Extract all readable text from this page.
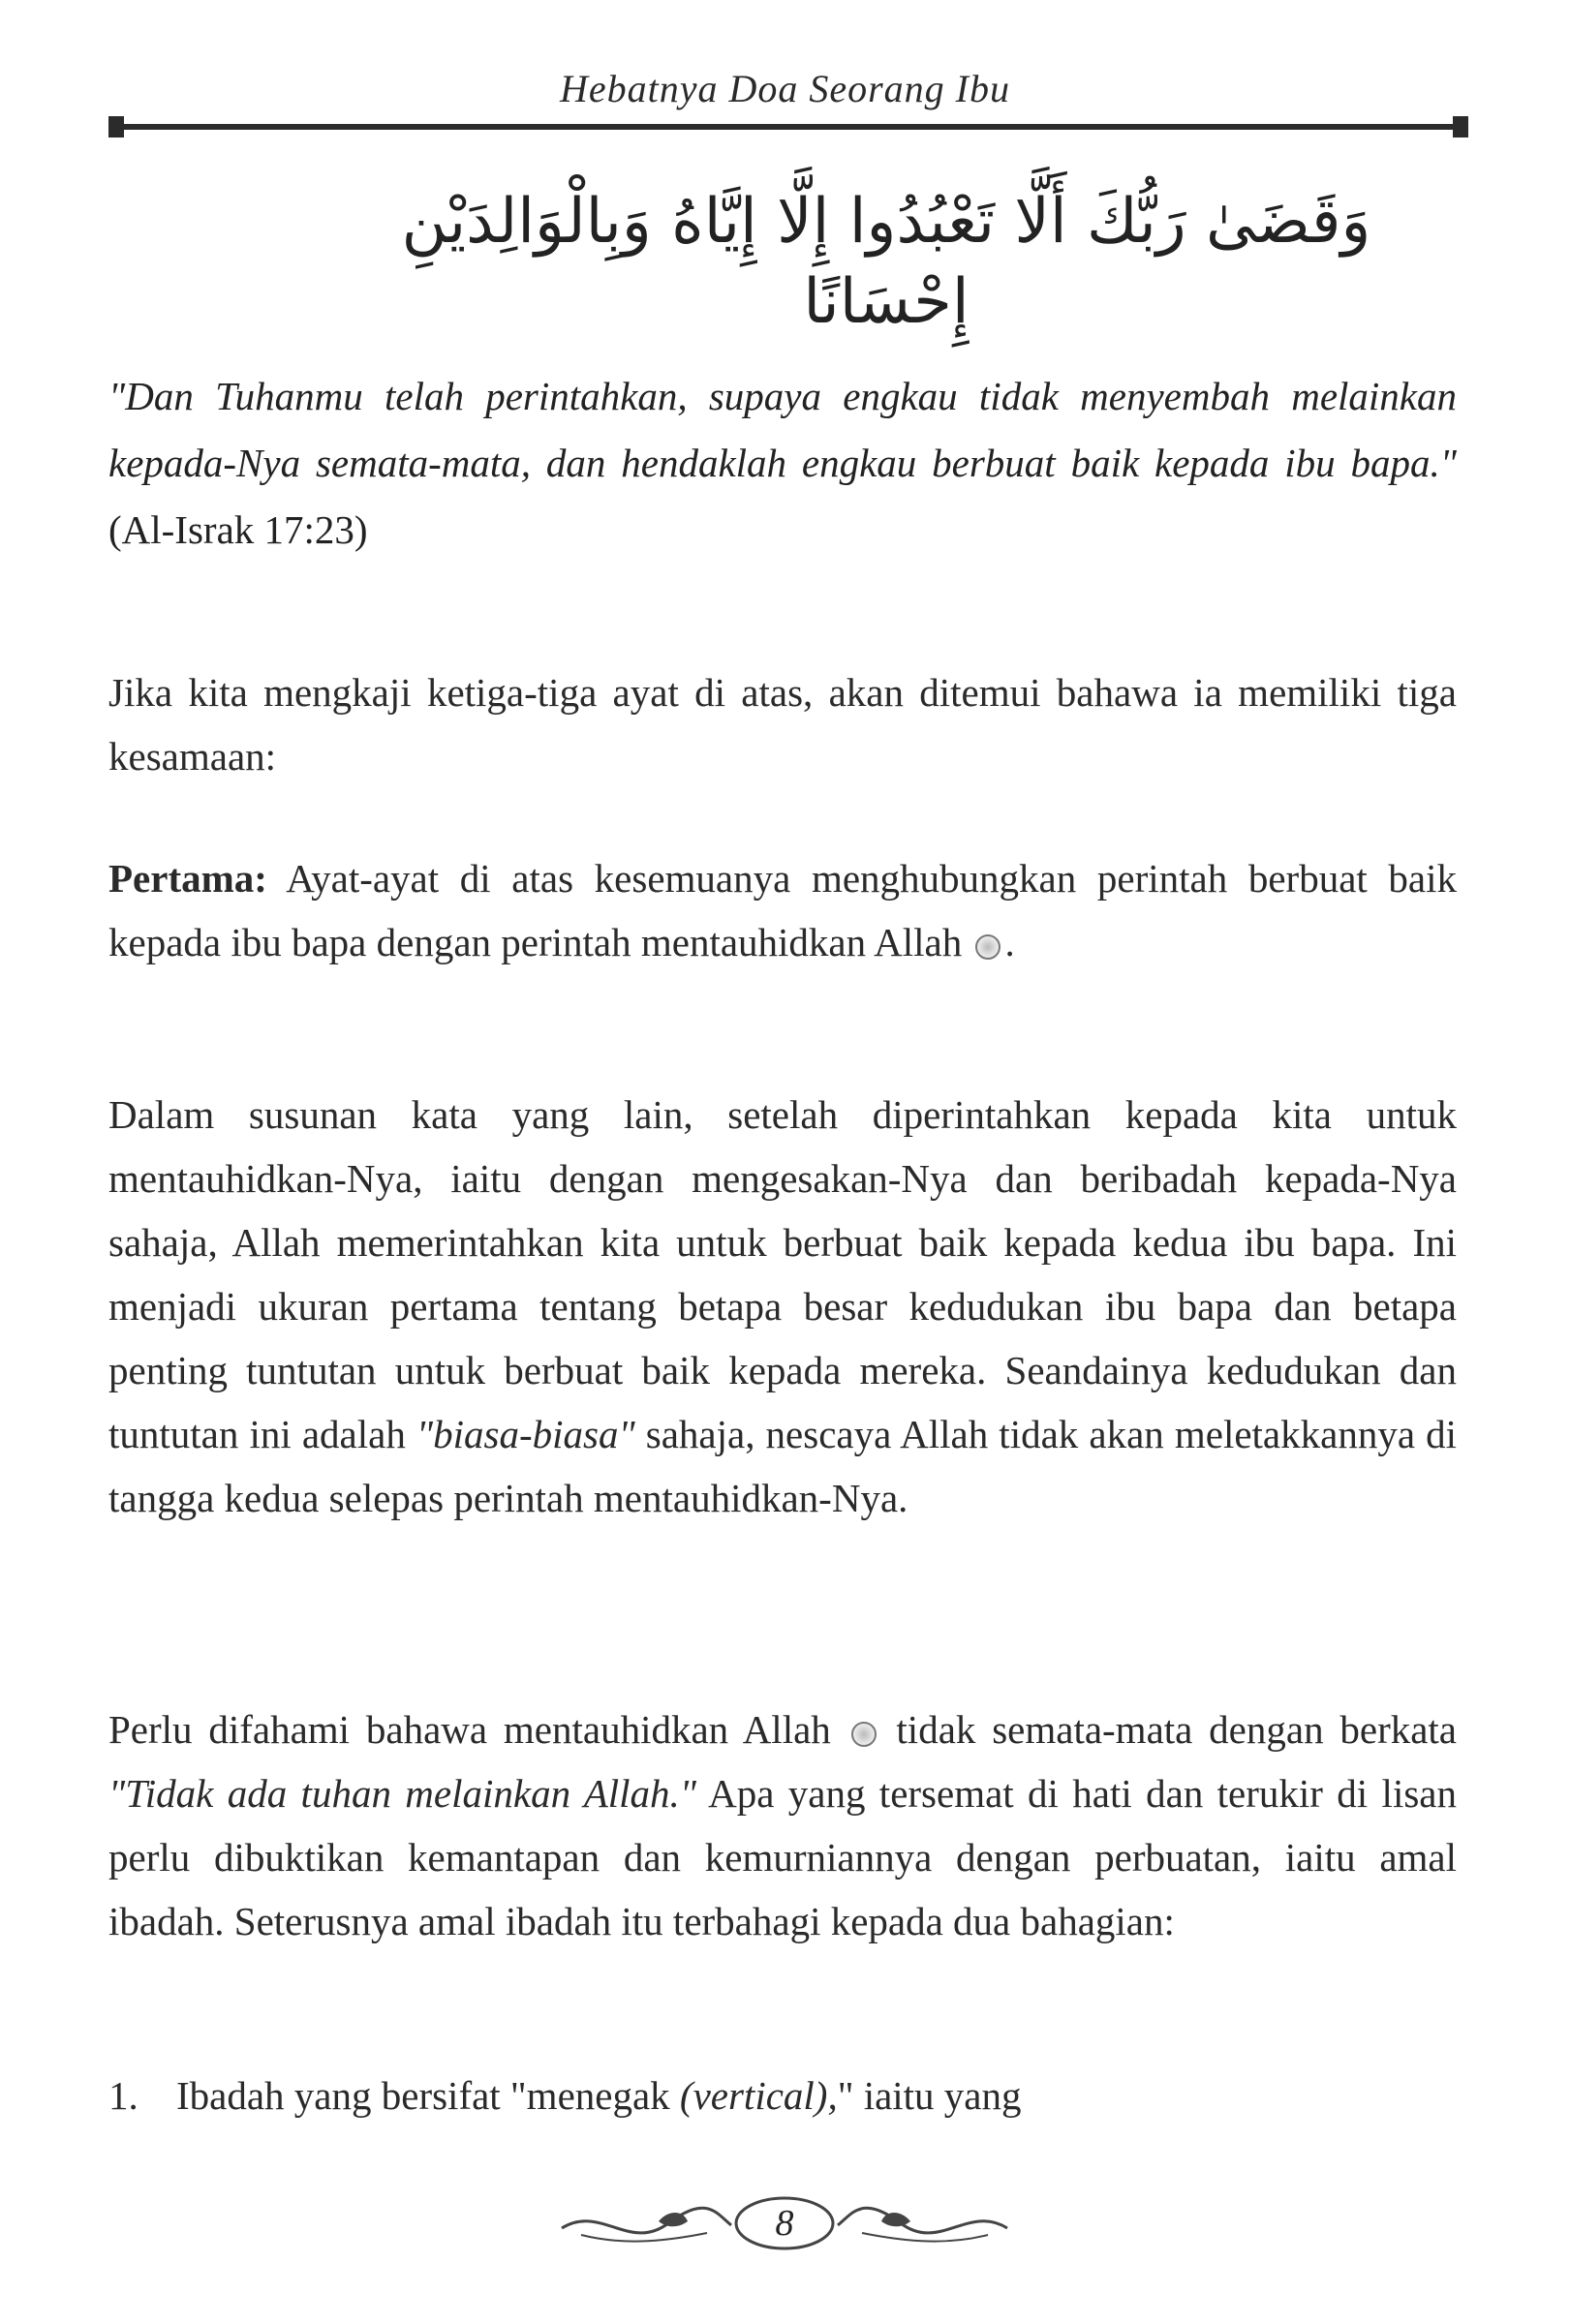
Hebatnya Doa Seorang Ibu
وَقَضَىٰ رَبُّكَ أَلَّا تَعْبُدُوا إِلَّا إِيَّاهُ وَبِالْوَالِدَيْنِ إِحْسَانًا
"Dan Tuhanmu telah perintahkan, supaya engkau tidak menyembah melainkan kepada-Nya semata-mata, dan hendaklah engkau berbuat baik kepada ibu bapa." (Al-Israk 17:23)
Jika kita mengkaji ketiga-tiga ayat di atas, akan ditemui bahawa ia memiliki tiga kesamaan:
Pertama: Ayat-ayat di atas kesemuanya menghubungkan perintah berbuat baik kepada ibu bapa dengan perintah mentauhidkan Allah .
Dalam susunan kata yang lain, setelah diperintahkan kepada kita untuk mentauhidkan-Nya, iaitu dengan mengesakan-Nya dan beribadah kepada-Nya sahaja, Allah memerintahkan kita untuk berbuat baik kepada kedua ibu bapa. Ini menjadi ukuran pertama tentang betapa besar kedudukan ibu bapa dan betapa penting tuntutan untuk berbuat baik kepada mereka. Seandainya kedudukan dan tuntutan ini adalah "biasa-biasa" sahaja, nescaya Allah tidak akan meletakkannya di tangga kedua selepas perintah mentauhidkan-Nya.
Perlu difahami bahawa mentauhidkan Allah  tidak semata-mata dengan berkata "Tidak ada tuhan melainkan Allah." Apa yang tersemat di hati dan terukir di lisan perlu dibuktikan kemantapan dan kemurniannya dengan perbuatan, iaitu amal ibadah. Seterusnya amal ibadah itu terbahagi kepada dua bahagian:
1. Ibadah yang bersifat "menegak (vertical)," iaitu yang
8
